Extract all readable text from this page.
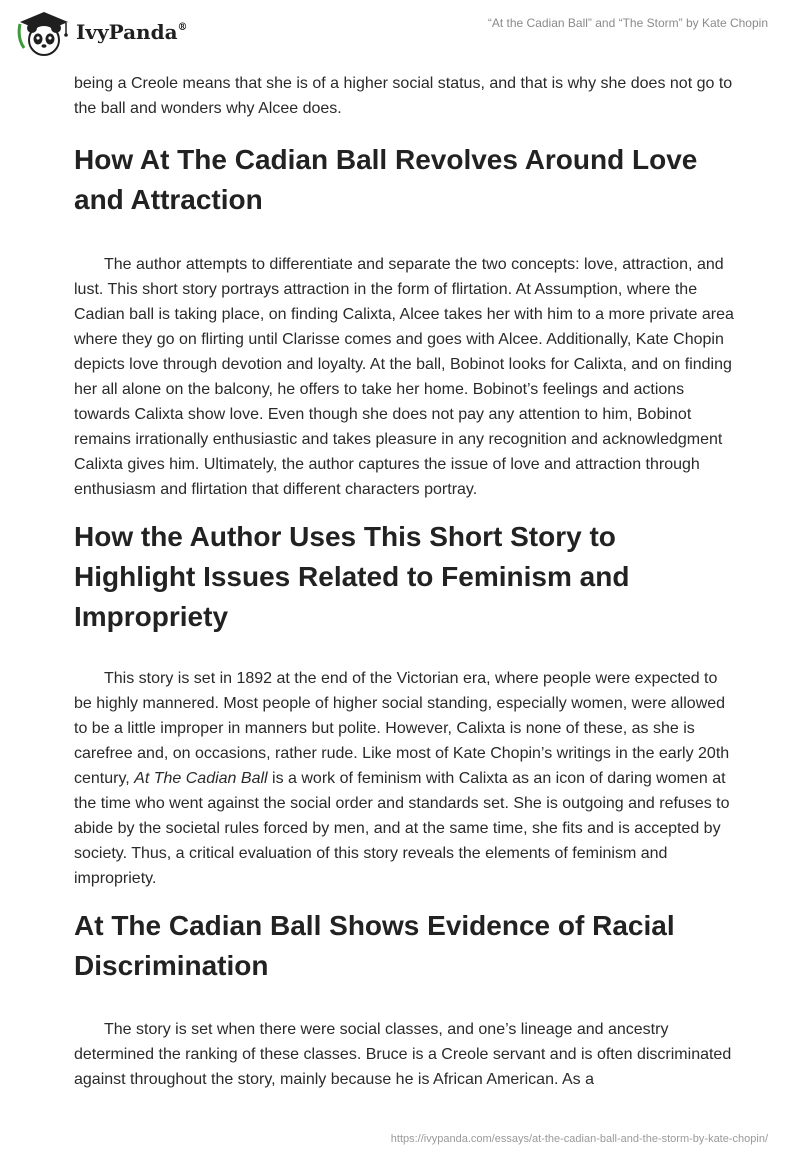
IvyPanda®	“At the Cadian Ball” and “The Storm” by Kate Chopin

being a Creole means that she is of a higher social status, and that is why she does not go to the ball and wonders why Alcee does.

How At The Cadian Ball Revolves Around Love and Attraction

The author attempts to differentiate and separate the two concepts: love, attraction, and lust. This short story portrays attraction in the form of flirtation. At Assumption, where the Cadian ball is taking place, on finding Calixta, Alcee takes her with him to a more private area where they go on flirting until Clarisse comes and goes with Alcee. Additionally, Kate Chopin depicts love through devotion and loyalty. At the ball, Bobinot looks for Calixta, and on finding her all alone on the balcony, he offers to take her home. Bobinot’s feelings and actions towards Calixta show love. Even though she does not pay any attention to him, Bobinot remains irrationally enthusiastic and takes pleasure in any recognition and acknowledgment Calixta gives him. Ultimately, the author captures the issue of love and attraction through enthusiasm and flirtation that different characters portray.

How the Author Uses This Short Story to Highlight Issues Related to Feminism and Impropriety

This story is set in 1892 at the end of the Victorian era, where people were expected to be highly mannered. Most people of higher social standing, especially women, were allowed to be a little improper in manners but polite. However, Calixta is none of these, as she is carefree and, on occasions, rather rude. Like most of Kate Chopin’s writings in the early 20th century, At The Cadian Ball is a work of feminism with Calixta as an icon of daring women at the time who went against the social order and standards set. She is outgoing and refuses to abide by the societal rules forced by men, and at the same time, she fits and is accepted by society. Thus, a critical evaluation of this story reveals the elements of feminism and impropriety.

At The Cadian Ball Shows Evidence of Racial Discrimination

The story is set when there were social classes, and one’s lineage and ancestry determined the ranking of these classes. Bruce is a Creole servant and is often discriminated against throughout the story, mainly because he is African American. As a

https://ivypanda.com/essays/at-the-cadian-ball-and-the-storm-by-kate-chopin/
